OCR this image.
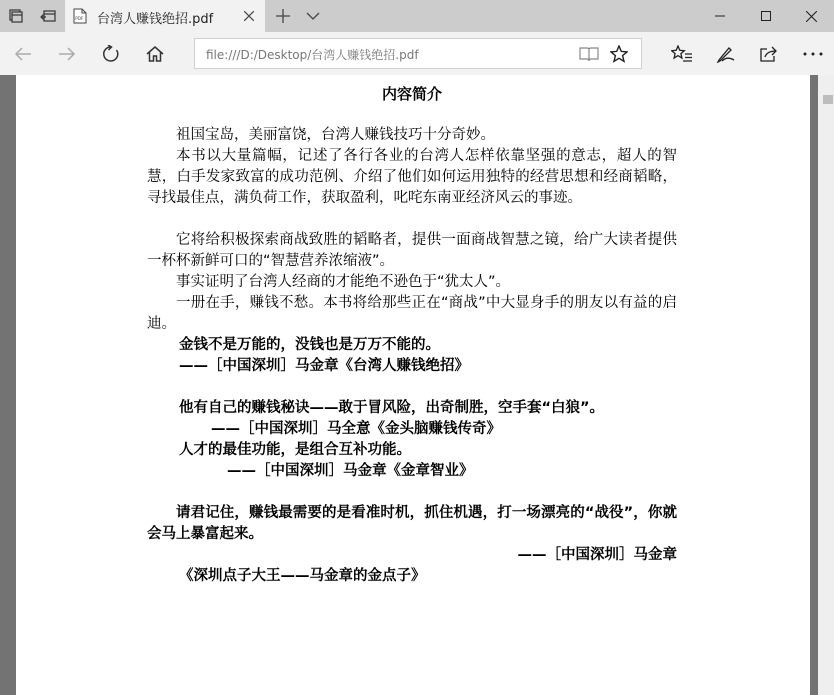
PDF 台湾人赚钱绝招.pdf
file:///D:/Desktop/台湾人赚钱绝招.pdf
内容简介
祖国宝岛，美丽富饶，台湾人赚钱技巧十分奇妙。
本书以大量篇幅，记述了各行各业的台湾人怎样依靠坚强的意志，超人的智慧，白手发家致富的成功范例、介绍了他们如何运用独特的经营思想和经商韬略，寻找最佳点，满负荷工作，获取盈利，叱咤东南亚经济风云的事迹。
它将给积极探索商战致胜的韬略者，提供一面商战智慧之镜，给广大读者提供一杯杯新鲜可口的“智慧营养浓缩液”。
事实证明了台湾人经商的才能绝不逊色于“犹太人”。
一册在手，赚钱不愁。本书将给那些正在“商战”中大显身手的朋友以有益的启迪。
金钱不是万能的，没钱也是万万不能的。
——［中国深圳］马金章《台湾人赚钱绝招》
他有自己的赚钱秘诀——敢于冒风险，出奇制胜，空手套“白狼”。
——［中国深圳］马全意《金头脑赚钱传奇》
人才的最佳功能，是组合互补功能。
——［中国深圳］马金章《金章智业》
请君记住，赚钱最需要的是看准时机，抓住机遇，打一场漂亮的“战役”，你就会马上暴富起来。
——［中国深圳］马金章
《深圳点子大王——马金章的金点子》
